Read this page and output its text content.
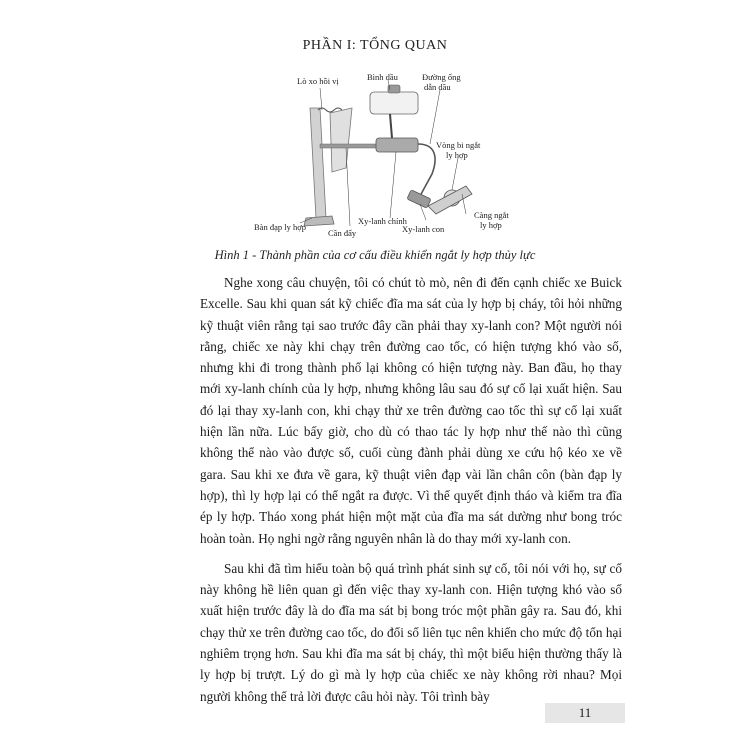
PHẦN I: TỔNG QUAN
Lò xo hồi vị	Bình dầu	Đường ống
dẫn dầu
Vòng bi ngắt
ly hợp
Bàn đạp ly hợp
Cần đẩy
Xy-lanh chính
Xy-lanh con
Càng ngắt
ly hợp
Hình 1 - Thành phần của cơ cấu điều khiển ngắt ly hợp thủy lực

Nghe xong câu chuyện, tôi có chút tò mò, nên đi đến cạnh chiếc xe Buick Excelle. Sau khi quan sát kỹ chiếc đĩa ma sát của ly hợp bị cháy, tôi hỏi những kỹ thuật viên rằng tại sao trước đây cần phải thay xy-lanh con? Một người nói rằng, chiếc xe này khi chạy trên đường cao tốc, có hiện tượng khó vào số, nhưng khi đi trong thành phố lại không có hiện tượng này. Ban đầu, họ thay mới xy-lanh chính của ly hợp, nhưng không lâu sau đó sự cố lại xuất hiện. Sau đó lại thay xy-lanh con, khi chạy thử xe trên đường cao tốc thì sự cố lại xuất hiện lần nữa. Lúc bấy giờ, cho dù có thao tác ly hợp như thế nào thì cũng không thể nào vào được số, cuối cùng đành phải dùng xe cứu hộ kéo xe về gara. Sau khi xe đưa về gara, kỹ thuật viên đạp vài lần chân côn (bàn đạp ly hợp), thì ly hợp lại có thể ngắt ra được. Vì thế quyết định tháo và kiểm tra đĩa ép ly hợp. Tháo xong phát hiện một mặt của đĩa ma sát dường như bong tróc hoàn toàn. Họ nghi ngờ rằng nguyên nhân là do thay mới xy-lanh con.

Sau khi đã tìm hiểu toàn bộ quá trình phát sinh sự cố, tôi nói với họ, sự cố này không hề liên quan gì đến việc thay xy-lanh con. Hiện tượng khó vào số xuất hiện trước đây là do đĩa ma sát bị bong tróc một phần gây ra. Sau đó, khi chạy thử xe trên đường cao tốc, do đổi số liên tục nên khiến cho mức độ tổn hại nghiêm trọng hơn. Sau khi đĩa ma sát bị cháy, thì một biểu hiện thường thấy là ly hợp bị trượt. Lý do gì mà ly hợp của chiếc xe này không rời nhau? Mọi người không thể trả lời được câu hỏi này. Tôi trình bày

11
